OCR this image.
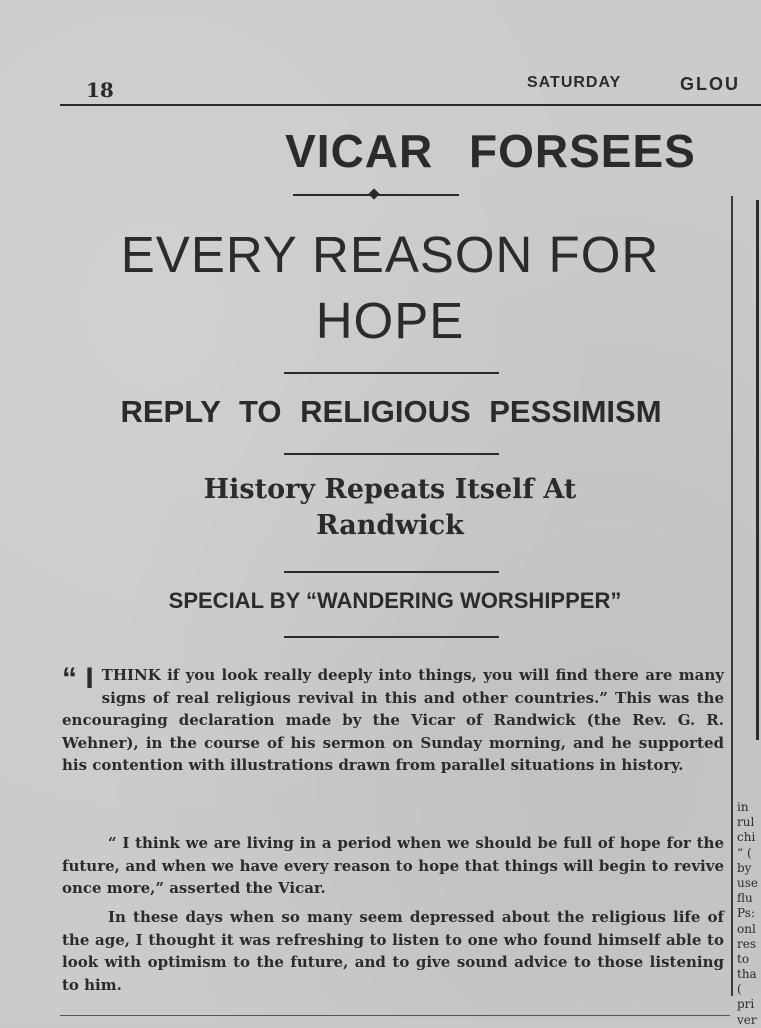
18	SATURDAY	GLOU
VICAR FORSEES
EVERY REASON FOR HOPE
REPLY TO RELIGIOUS PESSIMISM
History Repeats Itself At Randwick
SPECIAL BY “WANDERING WORSHIPPER”
“ I THINK if you look really deeply into things, you will find there are many signs of real religious revival in this and other countries.” This was the encouraging declaration made by the Vicar of Randwick (the Rev. G. R. Wehner), in the course of his sermon on Sunday morning, and he supported his contention with illustrations drawn from parallel situations in history.
“ I think we are living in a period when we should be full of hope for the future, and when we have every reason to hope that things will begin to revive once more,” asserted the Vicar.
In these days when so many seem depressed about the religious life of the age, I thought it was refreshing to listen to one who found himself able to look with optimism to the future, and to give sound advice to those listening to him.
in
rul
chi
“ (
by
use
flu
Ps:
onl
res
to
tha
(
pri
ver
